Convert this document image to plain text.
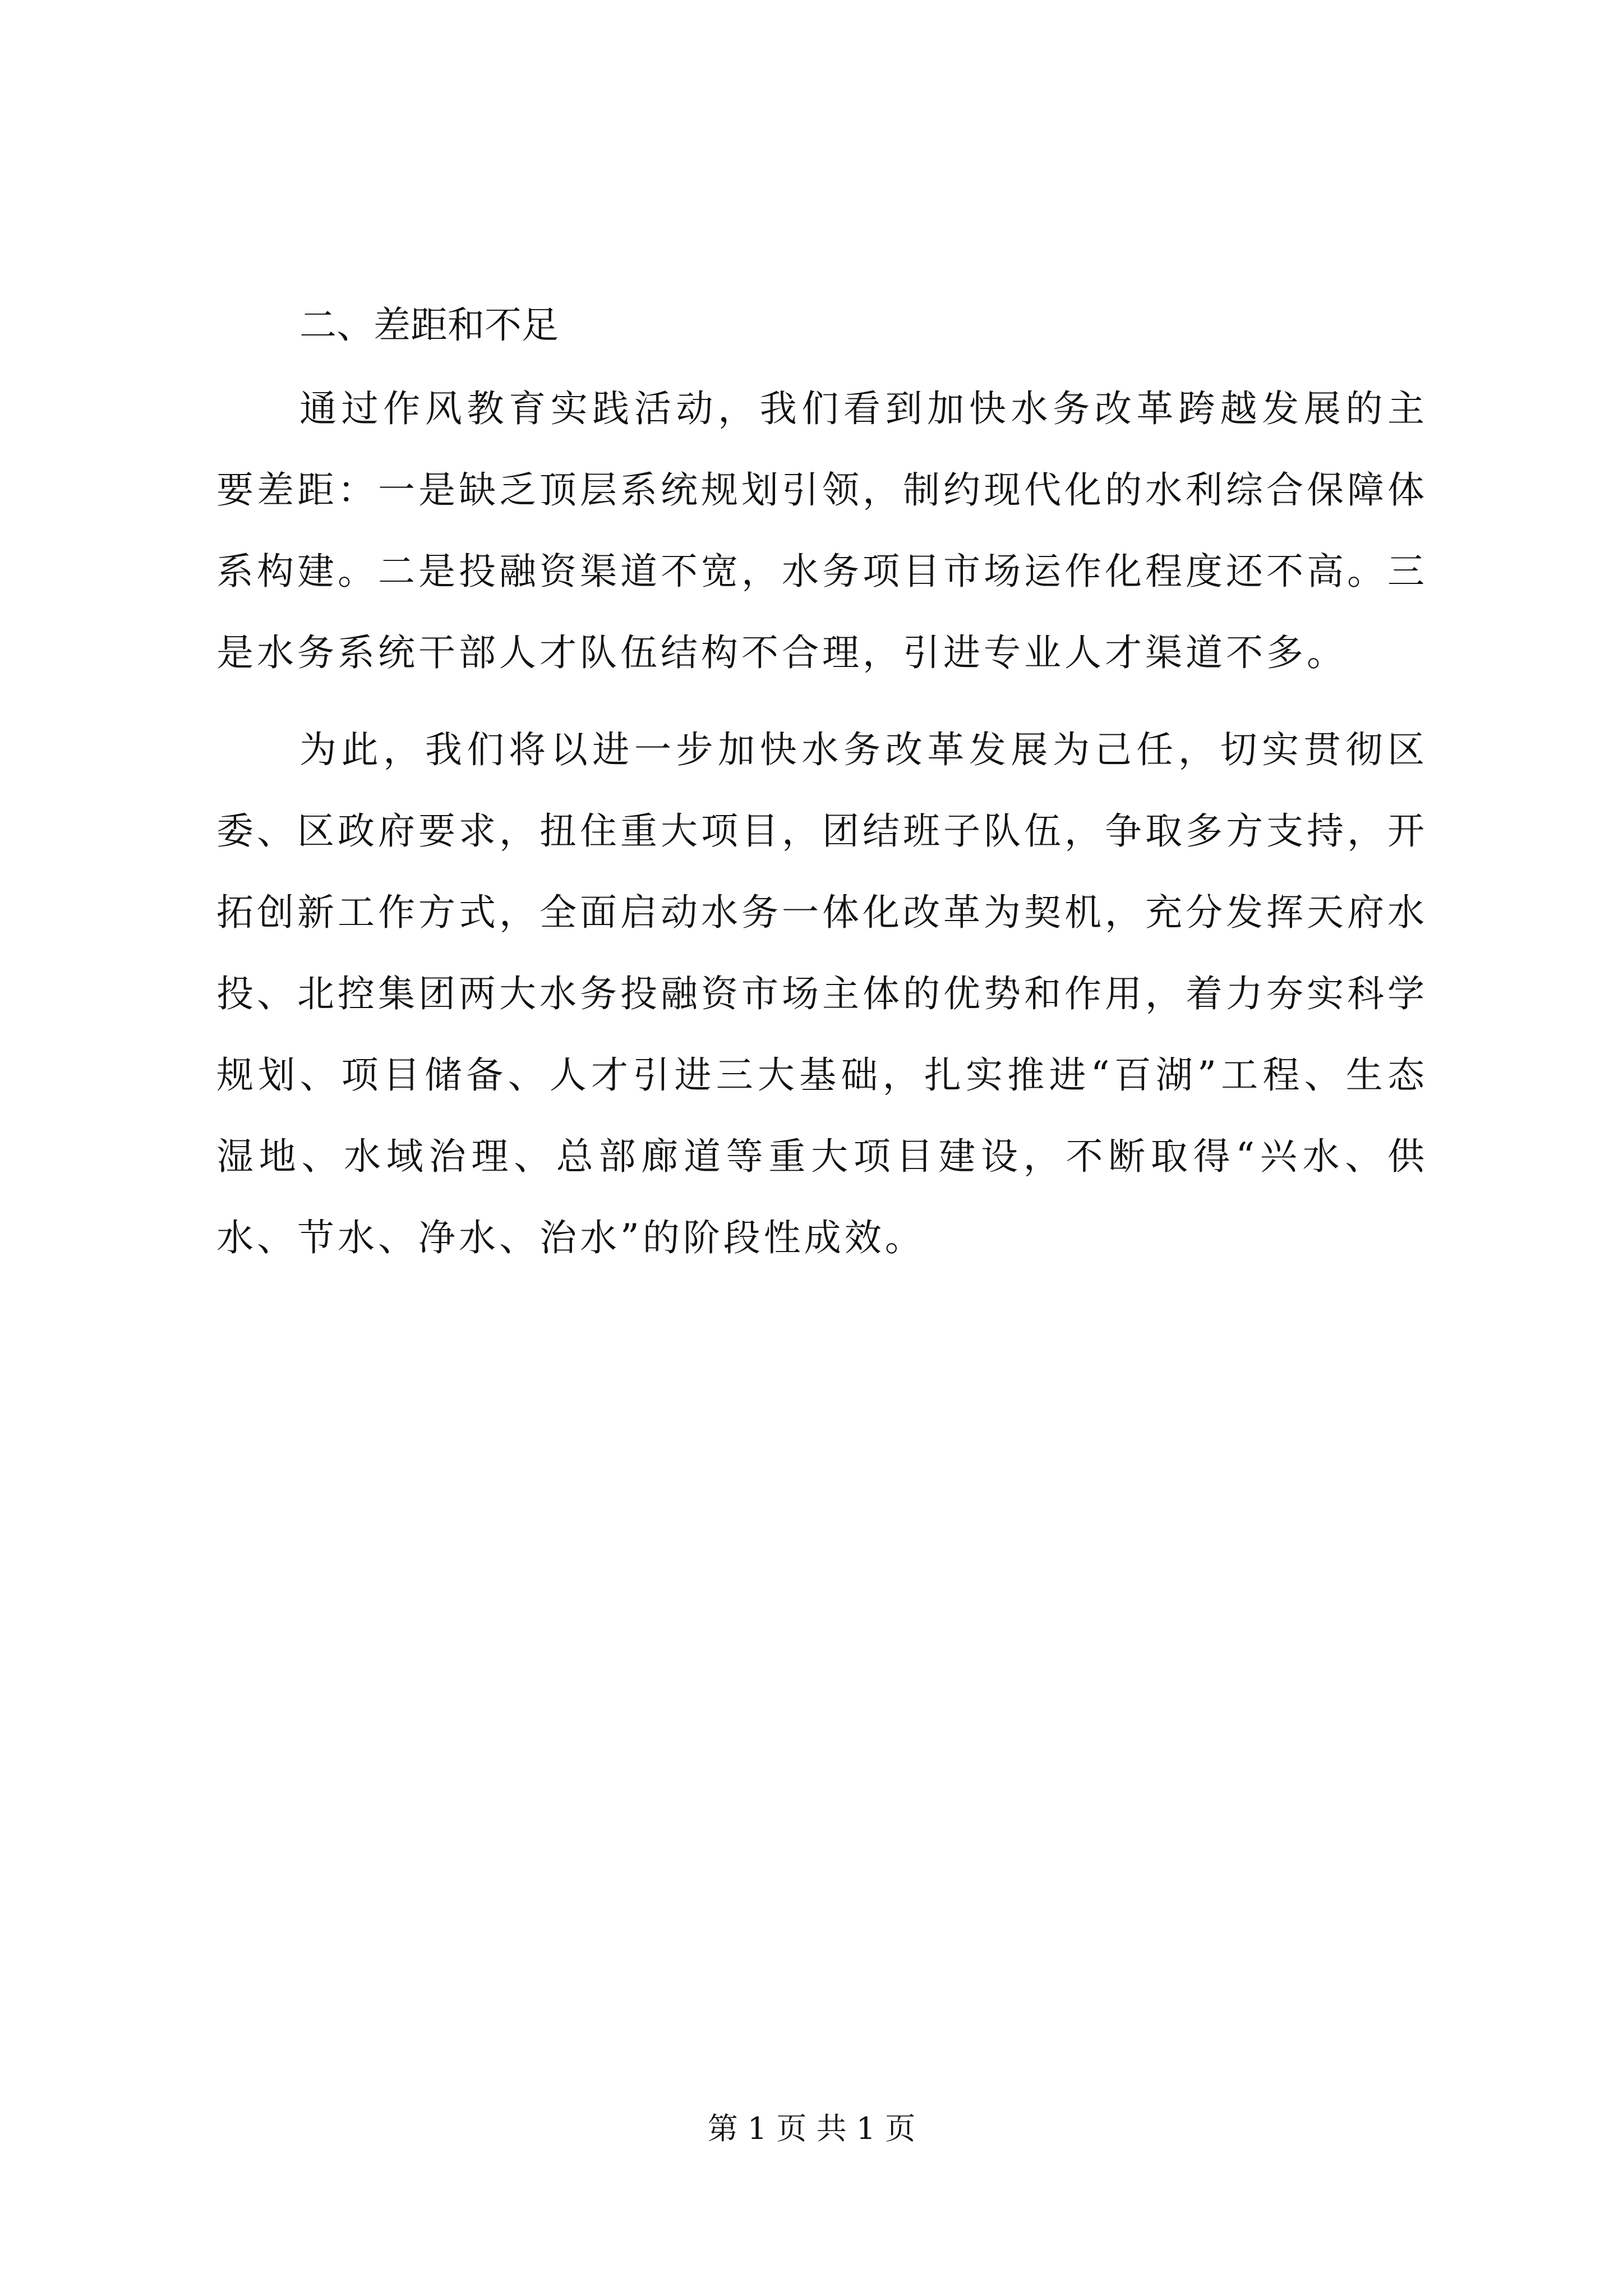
二、差距和不足

通过作风教育实践活动，我们看到加快水务改革跨越发展的主要差距：一是缺乏顶层系统规划引领，制约现代化的水利综合保障体系构建。二是投融资渠道不宽，水务项目市场运作化程度还不高。三是水务系统干部人才队伍结构不合理，引进专业人才渠道不多。

为此，我们将以进一步加快水务改革发展为己任，切实贯彻区委、区政府要求，扭住重大项目，团结班子队伍，争取多方支持，开拓创新工作方式，全面启动水务一体化改革为契机，充分发挥天府水投、北控集团两大水务投融资市场主体的优势和作用，着力夯实科学规划、项目储备、人才引进三大基础，扎实推进“百湖”工程、生态湿地、水域治理、总部廊道等重大项目建设，不断取得“兴水、供水、节水、净水、治水”的阶段性成效。

第 1 页 共 1 页
